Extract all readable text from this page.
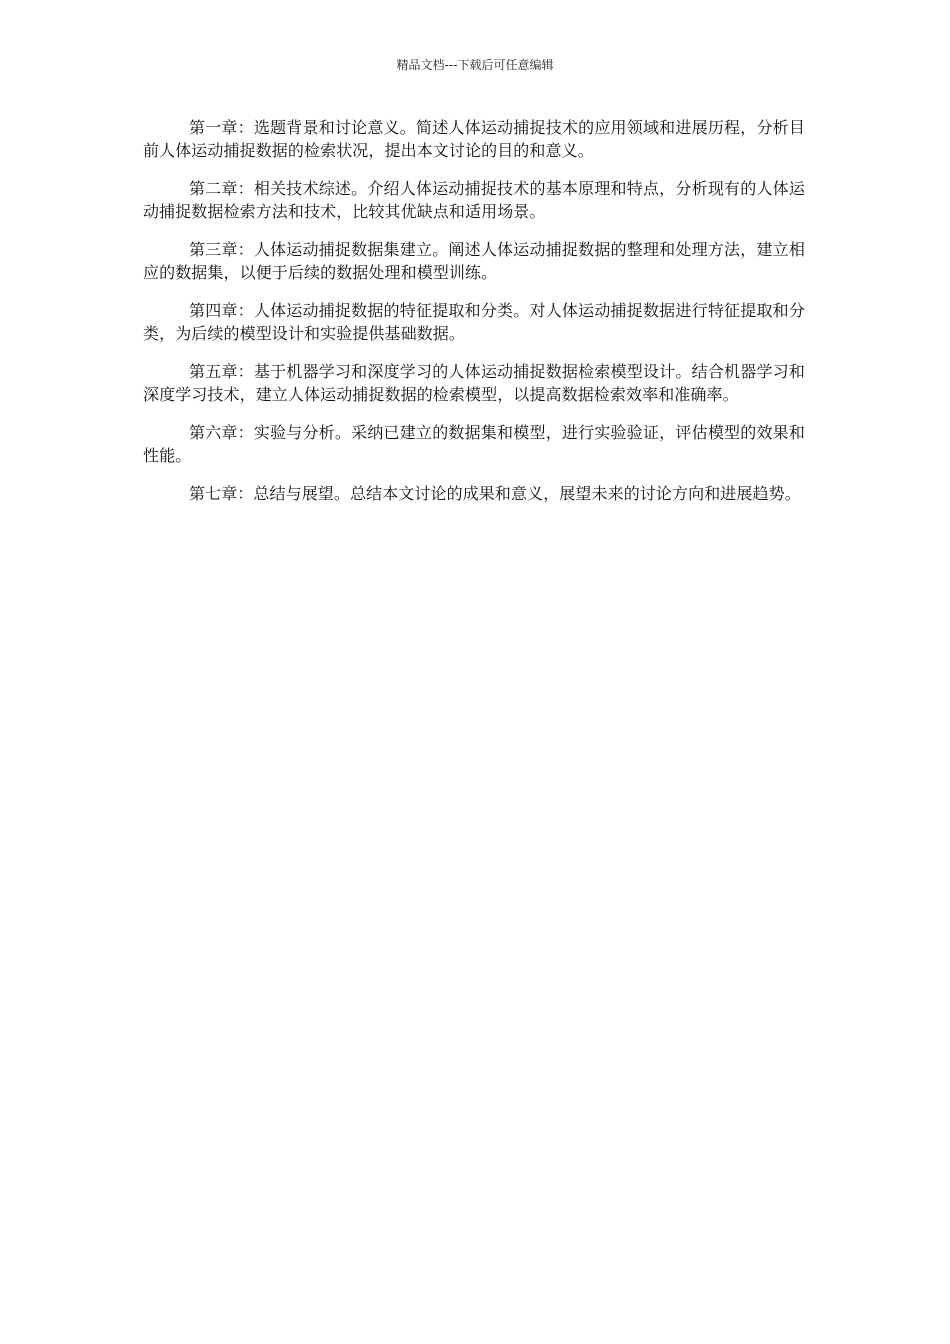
精品文档---下载后可任意编辑

第一章：选题背景和讨论意义。简述人体运动捕捉技术的应用领域和进展历程，分析目前人体运动捕捉数据的检索状况，提出本文讨论的目的和意义。

第二章：相关技术综述。介绍人体运动捕捉技术的基本原理和特点，分析现有的人体运动捕捉数据检索方法和技术，比较其优缺点和适用场景。

第三章：人体运动捕捉数据集建立。阐述人体运动捕捉数据的整理和处理方法，建立相应的数据集，以便于后续的数据处理和模型训练。

第四章：人体运动捕捉数据的特征提取和分类。对人体运动捕捉数据进行特征提取和分类，为后续的模型设计和实验提供基础数据。

第五章：基于机器学习和深度学习的人体运动捕捉数据检索模型设计。结合机器学习和深度学习技术，建立人体运动捕捉数据的检索模型，以提高数据检索效率和准确率。

第六章：实验与分析。采纳已建立的数据集和模型，进行实验验证，评估模型的效果和性能。

第七章：总结与展望。总结本文讨论的成果和意义，展望未来的讨论方向和进展趋势。
